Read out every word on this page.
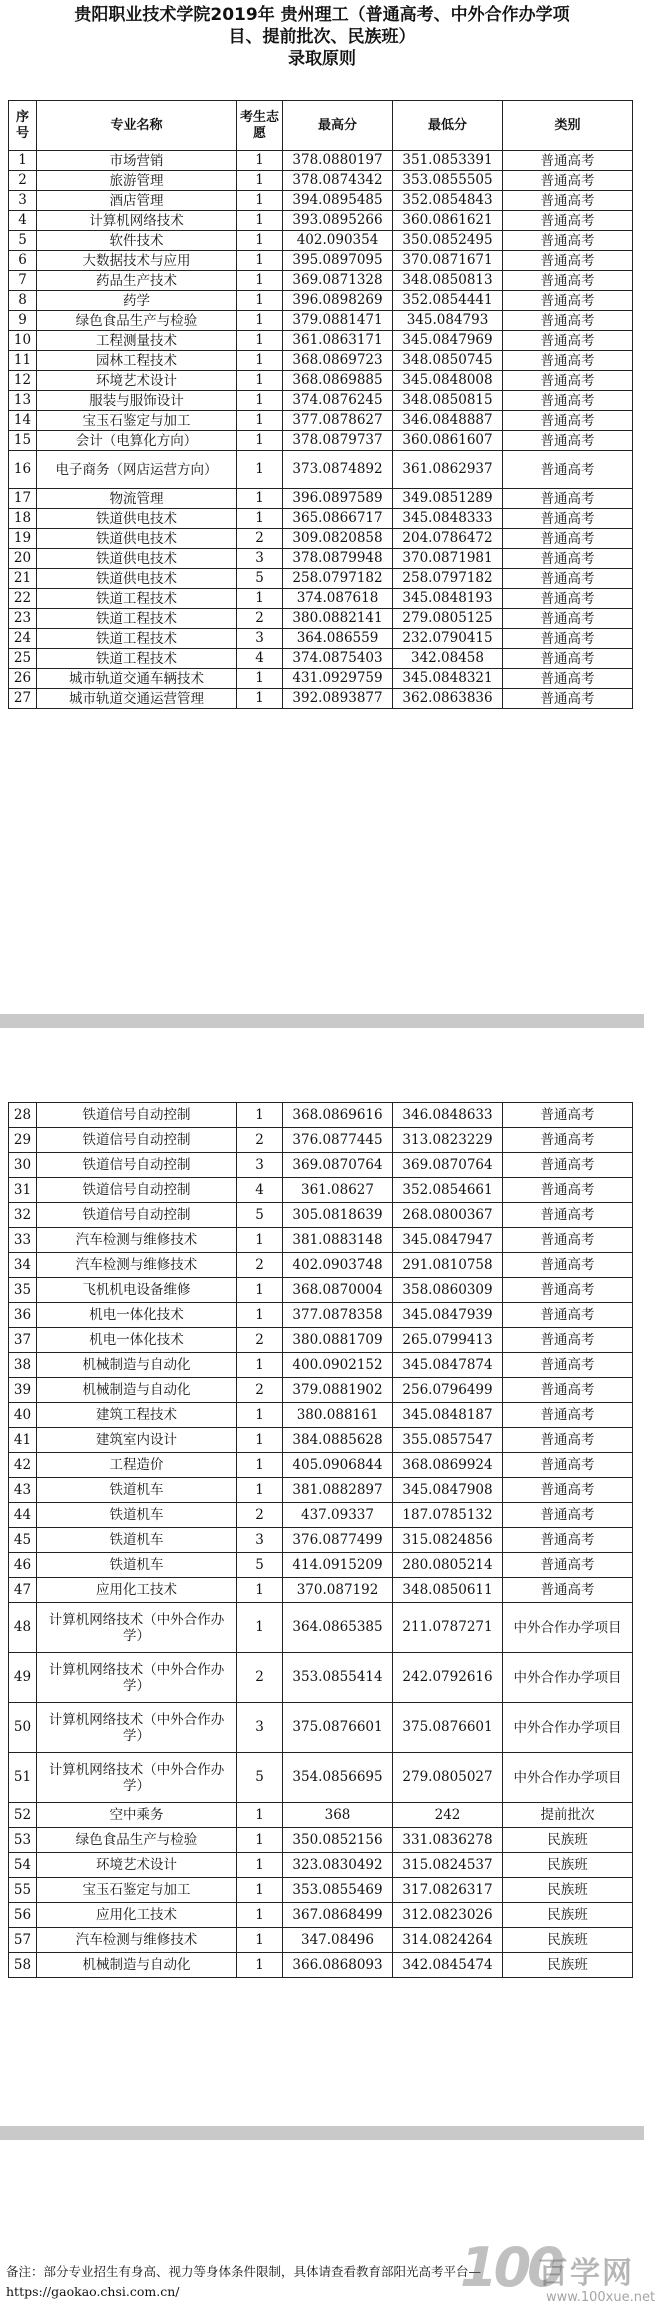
贵阳职业技术学院2019年 贵州理工（普通高考、中外合作办学项
目、提前批次、民族班）
录取原则
序号	专业名称	考生志愿	最高分	最低分	类别
1	市场营销	1	378.0880197	351.0853391	普通高考
2	旅游管理	1	378.0874342	353.0855505	普通高考
3	酒店管理	1	394.0895485	352.0854843	普通高考
4	计算机网络技术	1	393.0895266	360.0861621	普通高考
5	软件技术	1	402.090354	350.0852495	普通高考
6	大数据技术与应用	1	395.0897095	370.0871671	普通高考
7	药品生产技术	1	369.0871328	348.0850813	普通高考
8	药学	1	396.0898269	352.0854441	普通高考
9	绿色食品生产与检验	1	379.0881471	345.084793	普通高考
10	工程测量技术	1	361.0863171	345.0847969	普通高考
11	园林工程技术	1	368.0869723	348.0850745	普通高考
12	环境艺术设计	1	368.0869885	345.0848008	普通高考
13	服装与服饰设计	1	374.0876245	348.0850815	普通高考
14	宝玉石鉴定与加工	1	377.0878627	346.0848887	普通高考
15	会计（电算化方向）	1	378.0879737	360.0861607	普通高考
16	电子商务（网店运营方向）	1	373.0874892	361.0862937	普通高考
17	物流管理	1	396.0897589	349.0851289	普通高考
18	铁道供电技术	1	365.0866717	345.0848333	普通高考
19	铁道供电技术	2	309.0820858	204.0786472	普通高考
20	铁道供电技术	3	378.0879948	370.0871981	普通高考
21	铁道供电技术	5	258.0797182	258.0797182	普通高考
22	铁道工程技术	1	374.087618	345.0848193	普通高考
23	铁道工程技术	2	380.0882141	279.0805125	普通高考
24	铁道工程技术	3	364.086559	232.0790415	普通高考
25	铁道工程技术	4	374.0875403	342.08458	普通高考
26	城市轨道交通车辆技术	1	431.0929759	345.0848321	普通高考
27	城市轨道交通运营管理	1	392.0893877	362.0863836	普通高考
28	铁道信号自动控制	1	368.0869616	346.0848633	普通高考
29	铁道信号自动控制	2	376.0877445	313.0823229	普通高考
30	铁道信号自动控制	3	369.0870764	369.0870764	普通高考
31	铁道信号自动控制	4	361.08627	352.0854661	普通高考
32	铁道信号自动控制	5	305.0818639	268.0800367	普通高考
33	汽车检测与维修技术	1	381.0883148	345.0847947	普通高考
34	汽车检测与维修技术	2	402.0903748	291.0810758	普通高考
35	飞机机电设备维修	1	368.0870004	358.0860309	普通高考
36	机电一体化技术	1	377.0878358	345.0847939	普通高考
37	机电一体化技术	2	380.0881709	265.0799413	普通高考
38	机械制造与自动化	1	400.0902152	345.0847874	普通高考
39	机械制造与自动化	2	379.0881902	256.0796499	普通高考
40	建筑工程技术	1	380.088161	345.0848187	普通高考
41	建筑室内设计	1	384.0885628	355.0857547	普通高考
42	工程造价	1	405.0906844	368.0869924	普通高考
43	铁道机车	1	381.0882897	345.0847908	普通高考
44	铁道机车	2	437.09337	187.0785132	普通高考
45	铁道机车	3	376.0877499	315.0824856	普通高考
46	铁道机车	5	414.0915209	280.0805214	普通高考
47	应用化工技术	1	370.087192	348.0850611	普通高考
48	计算机网络技术（中外合作办学）	1	364.0865385	211.0787271	中外合作办学项目
49	计算机网络技术（中外合作办学）	2	353.0855414	242.0792616	中外合作办学项目
50	计算机网络技术（中外合作办学）	3	375.0876601	375.0876601	中外合作办学项目
51	计算机网络技术（中外合作办学）	5	354.0856695	279.0805027	中外合作办学项目
52	空中乘务	1	368	242	提前批次
53	绿色食品生产与检验	1	350.0852156	331.0836278	民族班
54	环境艺术设计	1	323.0830492	315.0824537	民族班
55	宝玉石鉴定与加工	1	353.0855469	317.0826317	民族班
56	应用化工技术	1	367.0868499	312.0823026	民族班
57	汽车检测与维修技术	1	347.08496	314.0824264	民族班
58	机械制造与自动化	1	366.0868093	342.0845474	民族班
备注：部分专业招生有身高、视力等身体条件限制，具体请查看教育部阳光高考平台—https://gaokao.chsi.com.cn/	100
百学网
www.100xue.net
